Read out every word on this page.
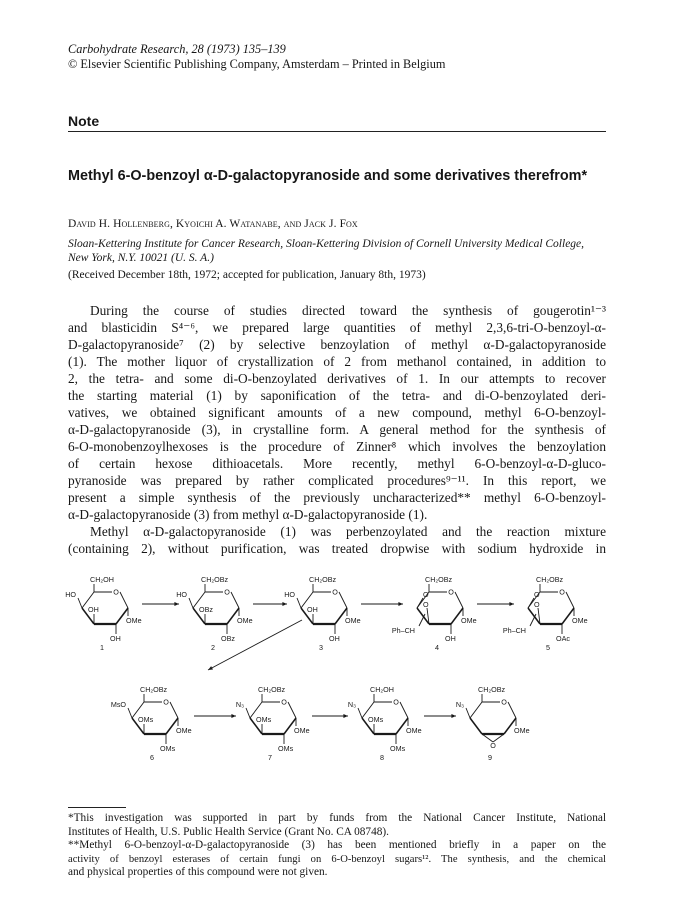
Carbohydrate Research, 28 (1973) 135–139
© Elsevier Scientific Publishing Company, Amsterdam – Printed in Belgium
Note
Methyl 6-O-benzoyl α-D-galactopyranoside and some derivatives therefrom*
David H. Hollenberg, Kyoichi A. Watanabe, and Jack J. Fox
Sloan-Kettering Institute for Cancer Research, Sloan-Kettering Division of Cornell University Medical College, New York, N.Y. 10021 (U. S. A.)
(Received December 18th, 1972; accepted for publication, January 8th, 1973)

During the course of studies directed toward the synthesis of gougerotin¹⁻³
and blasticidin S⁴⁻⁶, we prepared large quantities of methyl 2,3,6-tri-O-benzoyl-α-
D-galactopyranoside⁷ (2) by selective benzoylation of methyl α-D-galactopyranoside
(1). The mother liquor of crystallization of 2 from methanol contained, in addition to
2, the tetra- and some di-O-benzoylated derivatives of 1. In our attempts to recover
the starting material (1) by saponification of the tetra- and di-O-benzoylated deri-
vatives, we obtained significant amounts of a new compound, methyl 6-O-benzoyl-
α-D-galactopyranoside (3), in crystalline form. A general method for the synthesis of
6-O-monobenzoylhexoses is the procedure of Zinner⁸ which involves the benzoylation
of certain hexose dithioacetals. More recently, methyl 6-O-benzoyl-α-D-gluco-
pyranoside was prepared by rather complicated procedures⁹⁻¹¹. In this report, we
present a simple synthesis of the previously uncharacterized** methyl 6-O-benzoyl-
α-D-galactopyranoside (3) from methyl α-D-galactopyranoside (1).

Methyl α-D-galactopyranoside (1) was perbenzoylated and the reaction mixture
(containing 2), without purification, was treated dropwise with sodium hydroxide in

O
CH₂OH
HO
OH
OMe
OH
1
O
CH₂OBz
HO
OBz
OMe
OBz
2
O
CH₂OBz
HO
OH
OMe
OH
3
O
CH₂OBz
O
O
Ph–CH
OMe
OH
4
O
CH₂OBz
O
O
Ph–CH
OMe
OAc
5
O
CH₂OBz
MsO
OMs
OMe
OMs
6
O
CH₂OBz
N₃
OMs
OMe
OMs
7
O
CH₂OH
N₃
OMs
OMe
OMs
8
O
CH₂OBz
N₃
O
OMe
9
*This investigation was supported in part by funds from the National Cancer Institute, National
Institutes of Health, U.S. Public Health Service (Grant No. CA 08748).
**Methyl 6-O-benzoyl-α-D-galactopyranoside (3) has been mentioned briefly in a paper on the
activity of benzoyl esterases of certain fungi on 6-O-benzoyl sugars¹². The synthesis, and the chemical
and physical properties of this compound were not given.
